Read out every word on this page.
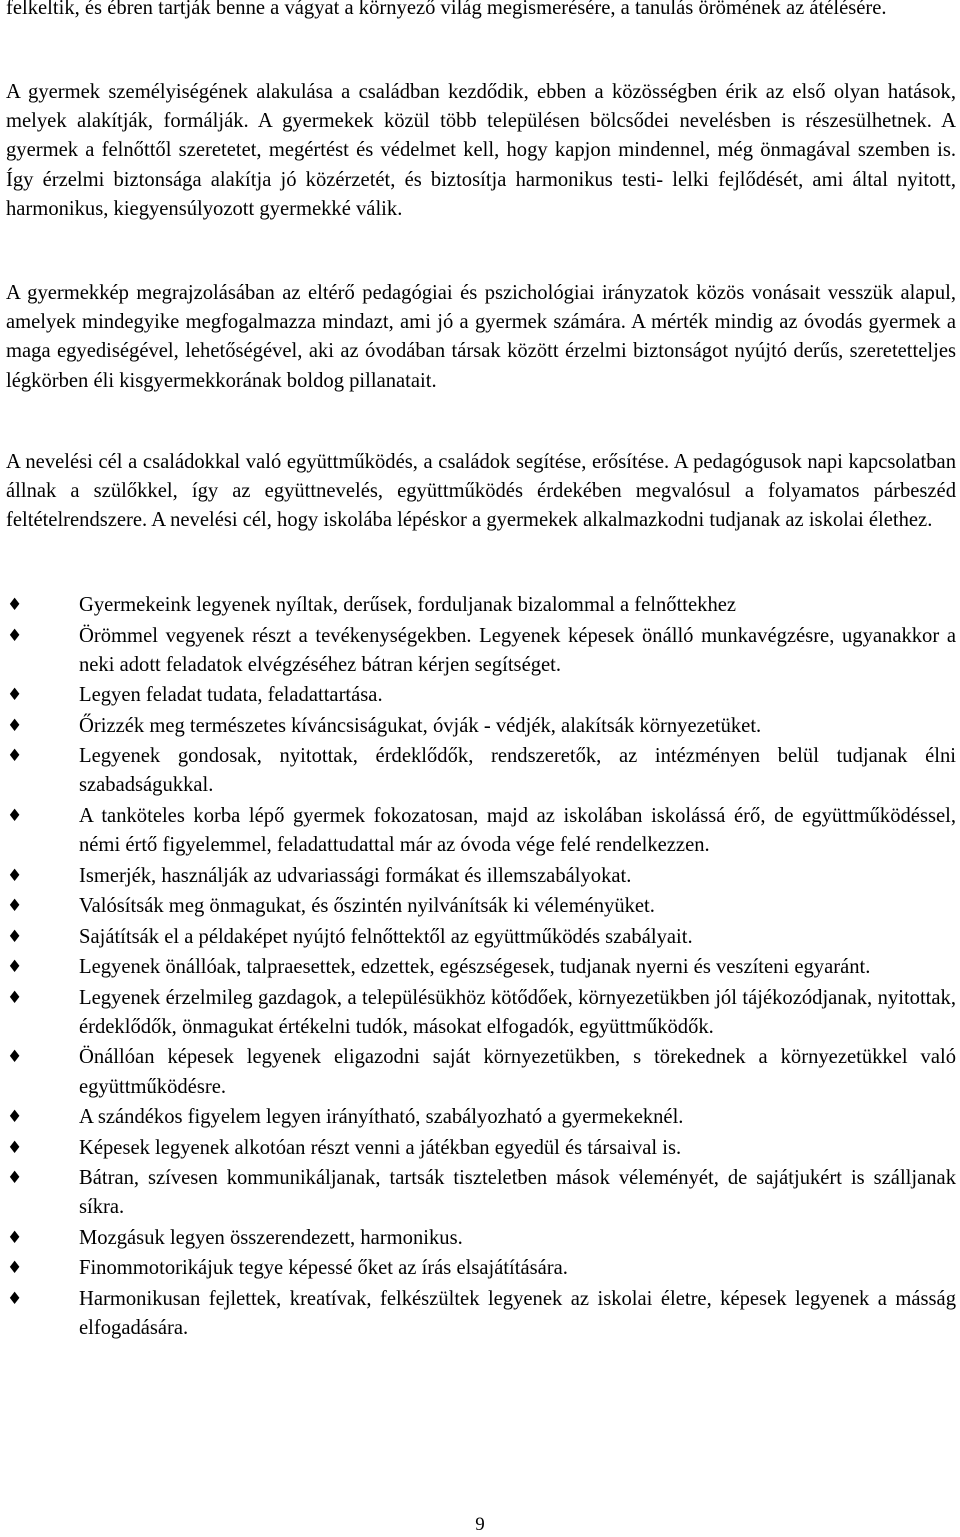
felkeltik, és ébren tartják benne a vágyat a környező világ megismerésére, a tanulás örömének az átélésére.

A gyermek személyiségének alakulása a családban kezdődik, ebben a közösségben érik az első olyan hatások, melyek alakítják, formálják. A gyermekek közül több településen bölcsődei nevelésben is részesülhetnek. A gyermek a felnőttől szeretetet, megértést és védelmet kell, hogy kapjon mindennel, még önmagával szemben is. Így érzelmi biztonsága alakítja jó közérzetét, és biztosítja harmonikus testi- lelki fejlődését, ami által nyitott, harmonikus, kiegyensúlyozott gyermekké válik.

A gyermekkép megrajzolásában az eltérő pedagógiai és pszichológiai irányzatok közös vonásait vesszük alapul, amelyek mindegyike megfogalmazza mindazt, ami jó a gyermek számára. A mérték mindig az óvodás gyermek a maga egyediségével, lehetőségével, aki az óvodában társak között érzelmi biztonságot nyújtó derűs, szeretetteljes légkörben éli kisgyermekkorának boldog pillanatait.

A nevelési cél a családokkal való együttműködés, a családok segítése, erősítése. A pedagógusok napi kapcsolatban állnak a szülőkkel, így az együttnevelés, együttműködés érdekében megvalósul a folyamatos párbeszéd feltételrendszere. A nevelési cél, hogy iskolába lépéskor a gyermekek alkalmazkodni tudjanak az iskolai élethez.

♦	Gyermekeink legyenek nyíltak, derűsek, forduljanak bizalommal a felnőttekhez
♦	Örömmel vegyenek részt a tevékenységekben. Legyenek képesek önálló munkavégzésre, ugyanakkor a neki adott feladatok elvégzéséhez bátran kérjen segítséget.
♦	Legyen feladat tudata, feladattartása.
♦	Őrizzék meg természetes kíváncsiságukat, óvják - védjék, alakítsák környezetüket.
♦	Legyenek gondosak, nyitottak, érdeklődők, rendszeretők, az intézményen belül tudjanak élni szabadságukkal.
♦	A tanköteles korba lépő gyermek fokozatosan, majd az iskolában iskolássá érő, de együttműködéssel, némi értő figyelemmel, feladattudattal már az óvoda vége felé rendelkezzen.
♦	Ismerjék, használják az udvariassági formákat és illemszabályokat.
♦	Valósítsák meg önmagukat, és őszintén nyilvánítsák ki véleményüket.
♦	Sajátítsák el a példaképet nyújtó felnőttektől az együttműködés szabályait.
♦	Legyenek önállóak, talpraesettek, edzettek, egészségesek, tudjanak nyerni és veszíteni egyaránt.
♦	Legyenek érzelmileg gazdagok, a településükhöz kötődőek, környezetükben jól tájékozódjanak, nyitottak, érdeklődők, önmagukat értékelni tudók, másokat elfogadók, együttműködők.
♦	Önállóan képesek legyenek eligazodni saját környezetükben, s törekednek a környezetükkel való együttműködésre.
♦	A szándékos figyelem legyen irányítható, szabályozható a gyermekeknél.
♦	Képesek legyenek alkotóan részt venni a játékban egyedül és társaival is.
♦	Bátran, szívesen kommunikáljanak, tartsák tiszteletben mások véleményét, de sajátjukért is szálljanak síkra.
♦	Mozgásuk legyen összerendezett, harmonikus.
♦	Finommotorikájuk tegye képessé őket az írás elsajátítására.
♦	Harmonikusan fejlettek, kreatívak, felkészültek legyenek az iskolai életre, képesek legyenek a másság elfogadására.
9
